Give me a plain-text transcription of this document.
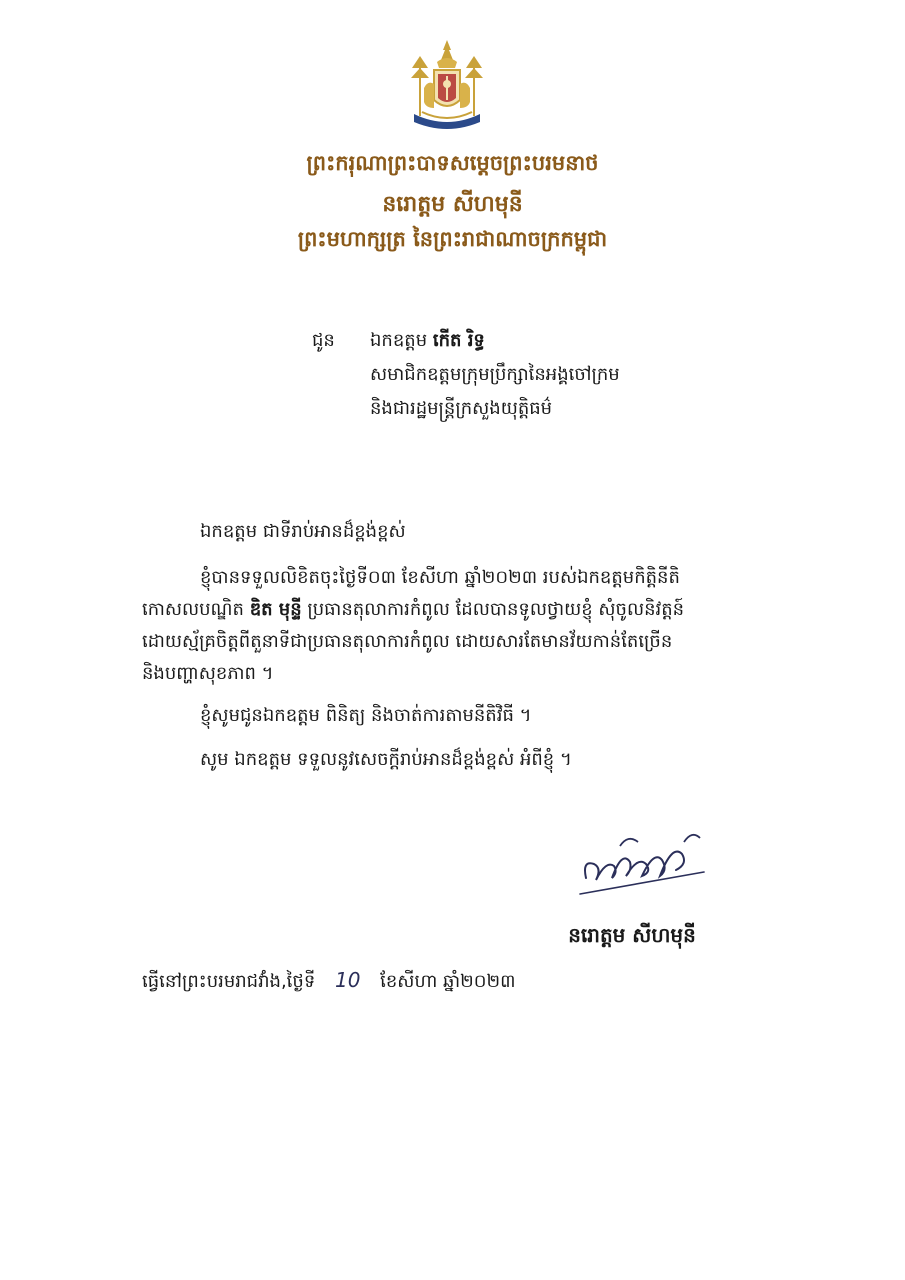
ព្រះករុណាព្រះបាទសម្តេចព្រះបរមនាថ
នរោត្តម សីហមុនី
ព្រះមហាក្សត្រ នៃព្រះរាជាណាចក្រកម្ពុជា
ជូន ឯកឧត្តម កើត រិទ្ធ
សមាជិកឧត្តមក្រុមប្រឹក្សានៃអង្គចៅក្រម
និងជារដ្ឋមន្ត្រីក្រសួងយុត្តិធម៌
ឯកឧត្តម ជាទីរាប់អានដ៏ខ្ពង់ខ្ពស់
ខ្ញុំបានទទួលលិខិតចុះថ្ងៃទី០៣ ខែសីហា ឆ្នាំ២០២៣ របស់ឯកឧត្តមកិត្តិនីតិ
កោសលបណ្ឌិត ឌិត មុន្ទី ប្រធានតុលាការកំពូល ដែលបានទូលថ្វាយខ្ញុំ សុំចូលនិវត្តន៍
ដោយស្ម័គ្រចិត្តពីតួនាទីជាប្រធានតុលាការកំពូល ដោយសារតែមានវ័យកាន់តែច្រើន
និងបញ្ហាសុខភាព ។
ខ្ញុំសូមជូនឯកឧត្តម ពិនិត្យ និងចាត់ការតាមនីតិវិធី ។
សូម ឯកឧត្តម ទទួលនូវសេចក្តីរាប់អានដ៏ខ្ពង់ខ្ពស់ អំពីខ្ញុំ ។
នរោត្តម សីហមុនី
ធ្វើនៅព្រះបរមរាជវាំង,ថ្ងៃទី 10 ខែសីហា ឆ្នាំ២០២៣
